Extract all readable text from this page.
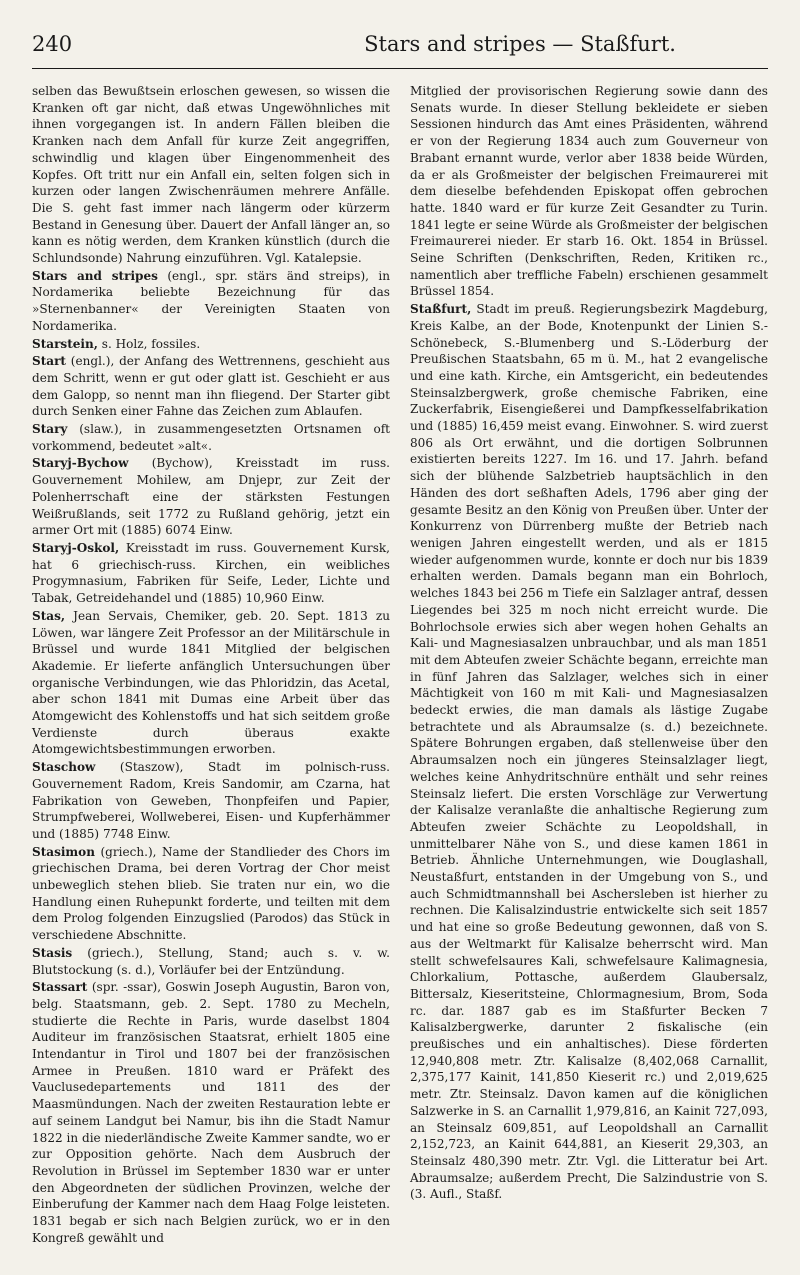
240	Stars and stripes — Staßfurt.

selben das Bewußtsein erloschen gewesen, so wissen die Kranken oft gar nicht, daß etwas Ungewöhnliches mit ihnen vorgegangen ist. In andern Fällen bleiben die Kranken nach dem Anfall für kurze Zeit angegriffen, schwindlig und klagen über Eingenommenheit des Kopfes. Oft tritt nur ein Anfall ein, selten folgen sich in kurzen oder langen Zwischenräumen mehrere Anfälle. Die S. geht fast immer nach längerm oder kürzerm Bestand in Genesung über. Dauert der Anfall länger an, so kann es nötig werden, dem Kranken künstlich (durch die Schlundsonde) Nahrung einzuführen. Vgl. Katalepsie.

Stars and stripes (engl., spr. stärs änd streips), in Nordamerika beliebte Bezeichnung für das »Sternenbanner« der Vereinigten Staaten von Nordamerika.

Starstein, s. Holz, fossiles.

Start (engl.), der Anfang des Wettrennens, geschieht aus dem Schritt, wenn er gut oder glatt ist. Geschieht er aus dem Galopp, so nennt man ihn fliegend. Der Starter gibt durch Senken einer Fahne das Zeichen zum Ablaufen.

Stary (slaw.), in zusammengesetzten Ortsnamen oft vorkommend, bedeutet »alt«.

Staryj-Bychow (Bychow), Kreisstadt im russ. Gouvernement Mohilew, am Dnjepr, zur Zeit der Polenherrschaft eine der stärksten Festungen Weißrußlands, seit 1772 zu Rußland gehörig, jetzt ein armer Ort mit (1885) 6074 Einw.

Staryj-Oskol, Kreisstadt im russ. Gouvernement Kursk, hat 6 griechisch-russ. Kirchen, ein weibliches Progymnasium, Fabriken für Seife, Leder, Lichte und Tabak, Getreidehandel und (1885) 10,960 Einw.

Stas, Jean Servais, Chemiker, geb. 20. Sept. 1813 zu Löwen, war längere Zeit Professor an der Militärschule in Brüssel und wurde 1841 Mitglied der belgischen Akademie. Er lieferte anfänglich Untersuchungen über organische Verbindungen, wie das Phloridzin, das Acetal, aber schon 1841 mit Dumas eine Arbeit über das Atomgewicht des Kohlenstoffs und hat sich seitdem große Verdienste durch überaus exakte Atomgewichtsbestimmungen erworben.

Staschow (Staszow), Stadt im polnisch-russ. Gouvernement Radom, Kreis Sandomir, am Czarna, hat Fabrikation von Geweben, Thonpfeifen und Papier, Strumpfweberei, Wollweberei, Eisen- und Kupferhämmer und (1885) 7748 Einw.

Stasimon (griech.), Name der Standlieder des Chors im griechischen Drama, bei deren Vortrag der Chor meist unbeweglich stehen blieb. Sie traten nur ein, wo die Handlung einen Ruhepunkt forderte, und teilten mit dem dem Prolog folgenden Einzugslied (Parodos) das Stück in verschiedene Abschnitte.

Stasis (griech.), Stellung, Stand; auch s. v. w. Blutstockung (s. d.), Vorläufer bei der Entzündung.

Stassart (spr. -ssar), Goswin Joseph Augustin, Baron von, belg. Staatsmann, geb. 2. Sept. 1780 zu Mecheln, studierte die Rechte in Paris, wurde daselbst 1804 Auditeur im französischen Staatsrat, erhielt 1805 eine Intendantur in Tirol und 1807 bei der französischen Armee in Preußen. 1810 ward er Präfekt des Vauclusedepartements und 1811 des der Maasmündungen. Nach der zweiten Restauration lebte er auf seinem Landgut bei Namur, bis ihn die Stadt Namur 1822 in die niederländische Zweite Kammer sandte, wo er zur Opposition gehörte. Nach dem Ausbruch der Revolution in Brüssel im September 1830 war er unter den Abgeordneten der südlichen Provinzen, welche der Einberufung der Kammer nach dem Haag Folge leisteten. 1831 begab er sich nach Belgien zurück, wo er in den Kongreß gewählt und

Mitglied der provisorischen Regierung sowie dann des Senats wurde. In dieser Stellung bekleidete er sieben Sessionen hindurch das Amt eines Präsidenten, während er von der Regierung 1834 auch zum Gouverneur von Brabant ernannt wurde, verlor aber 1838 beide Würden, da er als Großmeister der belgischen Freimaurerei mit dem dieselbe befehdenden Episkopat offen gebrochen hatte. 1840 ward er für kurze Zeit Gesandter zu Turin. 1841 legte er seine Würde als Großmeister der belgischen Freimaurerei nieder. Er starb 16. Okt. 1854 in Brüssel. Seine Schriften (Denkschriften, Reden, Kritiken rc., namentlich aber treffliche Fabeln) erschienen gesammelt Brüssel 1854.

Staßfurt, Stadt im preuß. Regierungsbezirk Magdeburg, Kreis Kalbe, an der Bode, Knotenpunkt der Linien S.-Schönebeck, S.-Blumenberg und S.-Löderburg der Preußischen Staatsbahn, 65 m ü. M., hat 2 evangelische und eine kath. Kirche, ein Amtsgericht, ein bedeutendes Steinsalzbergwerk, große chemische Fabriken, eine Zuckerfabrik, Eisengießerei und Dampfkesselfabrikation und (1885) 16,459 meist evang. Einwohner. S. wird zuerst 806 als Ort erwähnt, und die dortigen Solbrunnen existierten bereits 1227. Im 16. und 17. Jahrh. befand sich der blühende Salzbetrieb hauptsächlich in den Händen des dort seßhaften Adels, 1796 aber ging der gesamte Besitz an den König von Preußen über. Unter der Konkurrenz von Dürrenberg mußte der Betrieb nach wenigen Jahren eingestellt werden, und als er 1815 wieder aufgenommen wurde, konnte er doch nur bis 1839 erhalten werden. Damals begann man ein Bohrloch, welches 1843 bei 256 m Tiefe ein Salzlager antraf, dessen Liegendes bei 325 m noch nicht erreicht wurde. Die Bohrlochsole erwies sich aber wegen hohen Gehalts an Kali- und Magnesiasalzen unbrauchbar, und als man 1851 mit dem Abteufen zweier Schächte begann, erreichte man in fünf Jahren das Salzlager, welches sich in einer Mächtigkeit von 160 m mit Kali- und Magnesiasalzen bedeckt erwies, die man damals als lästige Zugabe betrachtete und als Abraumsalze (s. d.) bezeichnete. Spätere Bohrungen ergaben, daß stellenweise über den Abraumsalzen noch ein jüngeres Steinsalzlager liegt, welches keine Anhydritschnüre enthält und sehr reines Steinsalz liefert. Die ersten Vorschläge zur Verwertung der Kalisalze veranlaßte die anhaltische Regierung zum Abteufen zweier Schächte zu Leopoldshall, in unmittelbarer Nähe von S., und diese kamen 1861 in Betrieb. Ähnliche Unternehmungen, wie Douglashall, Neustaßfurt, entstanden in der Umgebung von S., und auch Schmidtmannshall bei Aschersleben ist hierher zu rechnen. Die Kalisalzindustrie entwickelte sich seit 1857 und hat eine so große Bedeutung gewonnen, daß von S. aus der Weltmarkt für Kalisalze beherrscht wird. Man stellt schwefelsaures Kali, schwefelsaure Kalimagnesia, Chlorkalium, Pottasche, außerdem Glaubersalz, Bittersalz, Kieseritsteine, Chlormagnesium, Brom, Soda rc. dar. 1887 gab es im Staßfurter Becken 7 Kalisalzbergwerke, darunter 2 fiskalische (ein preußisches und ein anhaltisches). Diese förderten 12,940,808 metr. Ztr. Kalisalze (8,402,068 Carnallit, 2,375,177 Kainit, 141,850 Kieserit rc.) und 2,019,625 metr. Ztr. Steinsalz. Davon kamen auf die königlichen Salzwerke in S. an Carnallit 1,979,816, an Kainit 727,093, an Steinsalz 609,851, auf Leopoldshall an Carnallit 2,152,723, an Kainit 644,881, an Kieserit 29,303, an Steinsalz 480,390 metr. Ztr. Vgl. die Litteratur bei Art. Abraumsalze; außerdem Precht, Die Salzindustrie von S. (3. Aufl., Staßf.
